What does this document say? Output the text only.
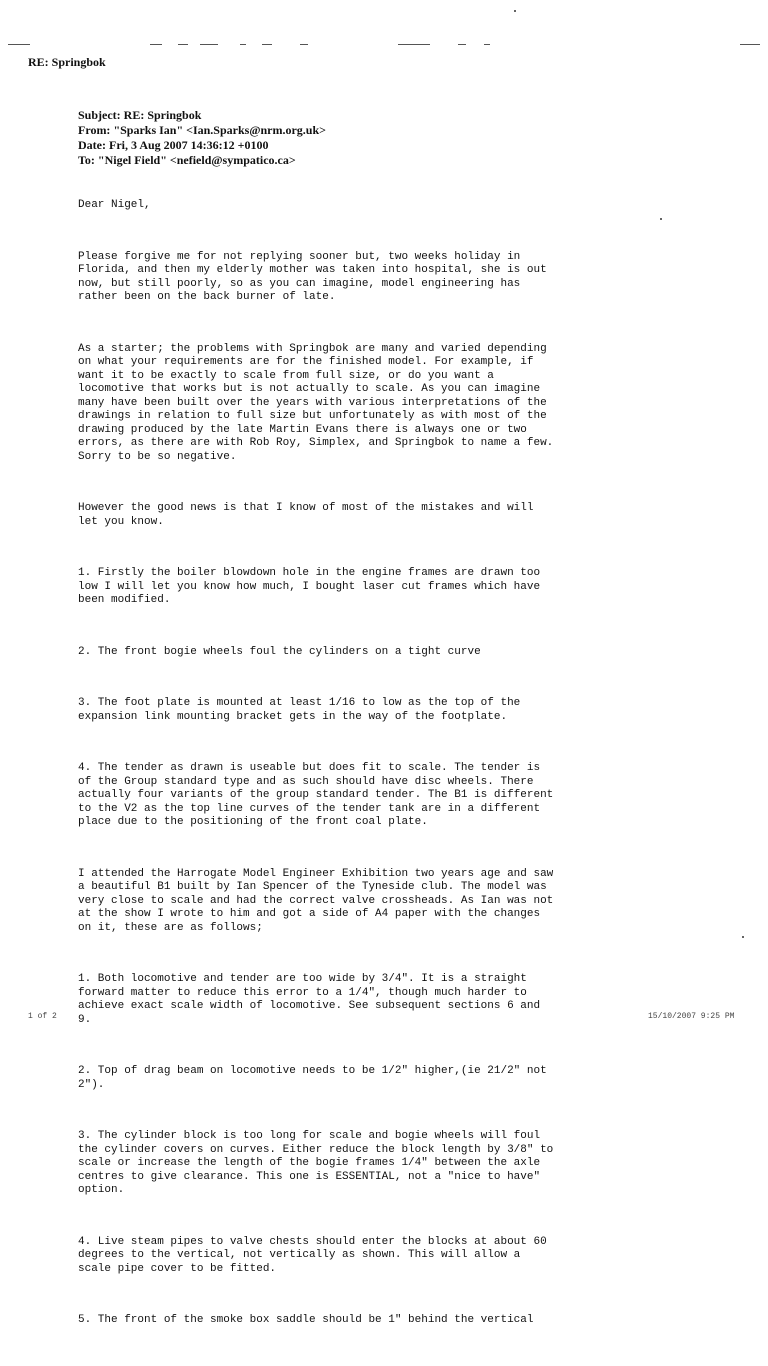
RE: Springbok
Subject: RE: Springbok
From: "Sparks Ian" <Ian.Sparks@nrm.org.uk>
Date: Fri, 3 Aug 2007 14:36:12 +0100
To: "Nigel Field" <nefield@sympatico.ca>

Dear Nigel,

Please forgive me for not replying sooner but, two weeks holiday in
Florida, and then my elderly mother was taken into hospital, she is out
now, but still poorly, so as you can imagine, model engineering has
rather been on the back burner of late.

As a starter; the problems with Springbok are many and varied depending
on what your requirements are for the finished model. For example, if
want it to be exactly to scale from full size, or do you want a
locomotive that works but is not actually to scale. As you can imagine
many have been built over the years with various interpretations of the
drawings in relation to full size but unfortunately as with most of the
drawing produced by the late Martin Evans there is always one or two
errors, as there are with Rob Roy, Simplex, and Springbok to name a few.
Sorry to be so negative.

However the good news is that I know of most of the mistakes and will
let you know.

1. Firstly the boiler blowdown hole in the engine frames are drawn too
low I will let you know how much, I bought laser cut frames which have
been modified.

2. The front bogie wheels foul the cylinders on a tight curve

3. The foot plate is mounted at least 1/16 to low as the top of the
expansion link mounting bracket gets in the way of the footplate.

4. The tender as drawn is useable but does fit to scale. The tender is
of the Group standard type and as such should have disc wheels. There
actually four variants of the group standard tender. The B1 is different
to the V2 as the top line curves of the tender tank are in a different
place due to the positioning of the front coal plate.

I attended the Harrogate Model Engineer Exhibition two years age and saw
a beautiful B1 built by Ian Spencer of the Tyneside club. The model was
very close to scale and had the correct valve crossheads. As Ian was not
at the show I wrote to him and got a side of A4 paper with the changes
on it, these are as follows;

1. Both locomotive and tender are too wide by 3/4". It is a straight
forward matter to reduce this error to a 1/4", though much harder to
achieve exact scale width of locomotive. See subsequent sections 6 and
9.

2. Top of drag beam on locomotive needs to be 1/2" higher,(ie 21/2" not
2").

3. The cylinder block is too long for scale and bogie wheels will foul
the cylinder covers on curves. Either reduce the block length by 3/8" to
scale or increase the length of the bogie frames 1/4" between the axle
centres to give clearance. This one is ESSENTIAL, not a "nice to have"
option.

4. Live steam pipes to valve chests should enter the blocks at about 60
degrees to the vertical, not vertically as shown. This will allow a
scale pipe cover to be fitted.

5. The front of the smoke box saddle should be 1" behind the vertical

1 of 2	15/10/2007 9:25 PM
